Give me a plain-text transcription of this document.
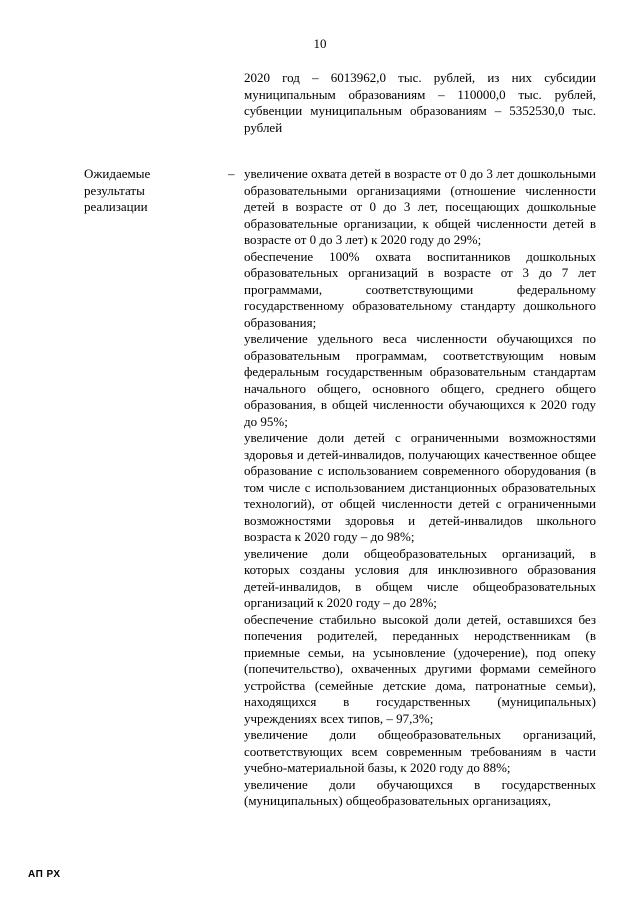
10

2020 год – 6013962,0 тыс. рублей, из них субсидии муниципальным образованиям – 110000,0 тыс. рублей, субвенции муниципальным образованиям – 5352530,0 тыс. рублей

Ожидаемые результаты реализации

– увеличение охвата детей в возрасте от 0 до 3 лет дошкольными образовательными организациями (отношение численности детей в возрасте от 0 до 3 лет, посещающих дошкольные образовательные организации, к общей численности детей в возрасте от 0 до 3 лет) к 2020 году до 29%;

обеспечение 100% охвата воспитанников дошкольных образовательных организаций в возрасте от 3 до 7 лет программами, соответствующими федеральному государственному образовательному стандарту дошкольного образования;

увеличение удельного веса численности обучающихся по образовательным программам, соответствующим новым федеральным государственным образовательным стандартам начального общего, основного общего, среднего общего образования, в общей численности обучающихся к 2020 году до 95%;

увеличение доли детей с ограниченными возможностями здоровья и детей-инвалидов, получающих качественное общее образование с использованием современного оборудования (в том числе с использованием дистанционных образовательных технологий), от общей численности детей с ограниченными возможностями здоровья и детей-инвалидов школьного возраста к 2020 году – до 98%;

увеличение доли общеобразовательных организаций, в которых созданы условия для инклюзивного образования детей-инвалидов, в общем числе общеобразовательных организаций к 2020 году – до 28%;

обеспечение стабильно высокой доли детей, оставшихся без попечения родителей, переданных неродственникам (в приемные семьи, на усыновление (удочерение), под опеку (попечительство), охваченных другими формами семейного устройства (семейные детские дома, патронатные семьи), находящихся в государственных (муниципальных) учреждениях всех типов, – 97,3%;

увеличение доли общеобразовательных организаций, соответствующих всем современным требованиям в части учебно-материальной базы, к 2020 году до 88%;

увеличение доли обучающихся в государственных (муниципальных) общеобразовательных организациях,

АП РХ
